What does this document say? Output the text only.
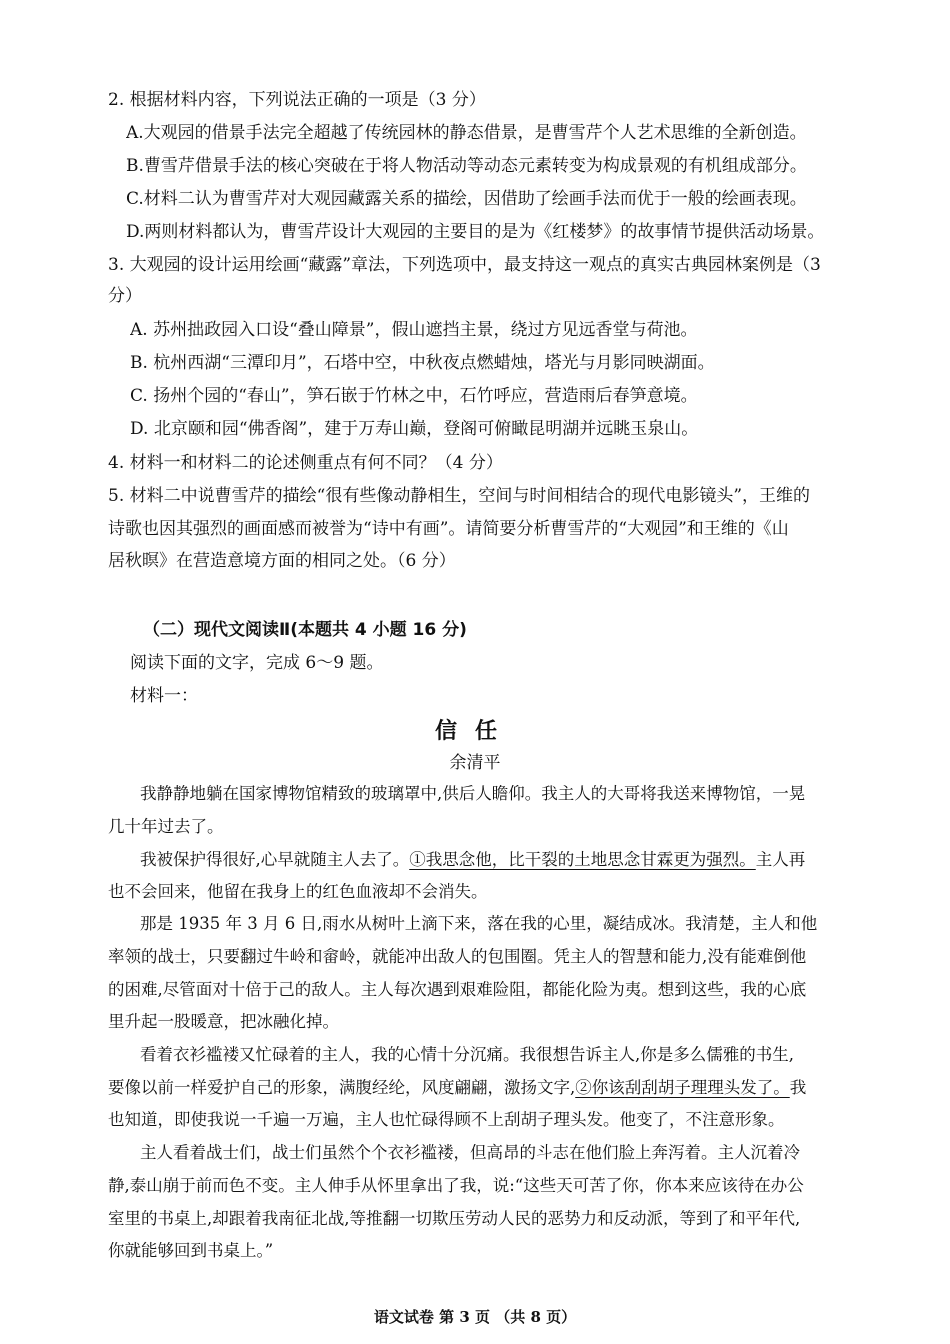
2. 根据材料内容，下列说法正确的一项是（3 分）
A.大观园的借景手法完全超越了传统园林的静态借景，是曹雪芹个人艺术思维的全新创造。
B.曹雪芹借景手法的核心突破在于将人物活动等动态元素转变为构成景观的有机组成部分。
C.材料二认为曹雪芹对大观园藏露关系的描绘，因借助了绘画手法而优于一般的绘画表现。
D.两则材料都认为，曹雪芹设计大观园的主要目的是为《红楼梦》的故事情节提供活动场景。
3. 大观园的设计运用绘画“藏露”章法，下列选项中，最支持这一观点的真实古典园林案例是（3
分）
A. 苏州拙政园入口设“叠山障景”，假山遮挡主景，绕过方见远香堂与荷池。
B. 杭州西湖“三潭印月”，石塔中空，中秋夜点燃蜡烛，塔光与月影同映湖面。
C. 扬州个园的“春山”，笋石嵌于竹林之中，石竹呼应，营造雨后春笋意境。
D. 北京颐和园“佛香阁”，建于万寿山巅，登阁可俯瞰昆明湖并远眺玉泉山。
4. 材料一和材料二的论述侧重点有何不同？（4 分）
5. 材料二中说曹雪芹的描绘“很有些像动静相生，空间与时间相结合的现代电影镜头”，王维的
诗歌也因其强烈的画面感而被誉为“诗中有画”。请简要分析曹雪芹的“大观园”和王维的《山
居秋暝》在营造意境方面的相同之处。（6 分）
（二）现代文阅读Ⅱ(本题共 4 小题 16 分)
阅读下面的文字，完成 6～9 题。
材料一：
信任
余清平
我静静地躺在国家博物馆精致的玻璃罩中,供后人瞻仰。我主人的大哥将我送来博物馆，一晃
几十年过去了。
我被保护得很好,心早就随主人去了。①我思念他，比干裂的土地思念甘霖更为强烈。主人再
也不会回来，他留在我身上的红色血液却不会消失。
那是 1935 年 3 月 6 日,雨水从树叶上滴下来，落在我的心里，凝结成冰。我清楚，主人和他
率领的战士，只要翻过牛岭和畲岭，就能冲出敌人的包围圈。凭主人的智慧和能力,没有能难倒他
的困难,尽管面对十倍于己的敌人。主人每次遇到艰难险阻，都能化险为夷。想到这些，我的心底
里升起一股暖意，把冰融化掉。
看着衣衫褴褛又忙碌着的主人，我的心情十分沉痛。我很想告诉主人,你是多么儒雅的书生,
要像以前一样爱护自己的形象，满腹经纶，风度翩翩，激扬文字,②你该刮刮胡子理理头发了。我
也知道，即使我说一千遍一万遍，主人也忙碌得顾不上刮胡子理头发。他变了，不注意形象。
主人看着战士们，战士们虽然个个衣衫褴褛，但高昂的斗志在他们脸上奔泻着。主人沉着冷
静,泰山崩于前而色不变。主人伸手从怀里拿出了我，说:“这些天可苦了你，你本来应该待在办公
室里的书桌上,却跟着我南征北战,等推翻一切欺压劳动人民的恶势力和反动派，等到了和平年代,
你就能够回到书桌上。”
语文试卷 第 3 页 （共 8 页）
